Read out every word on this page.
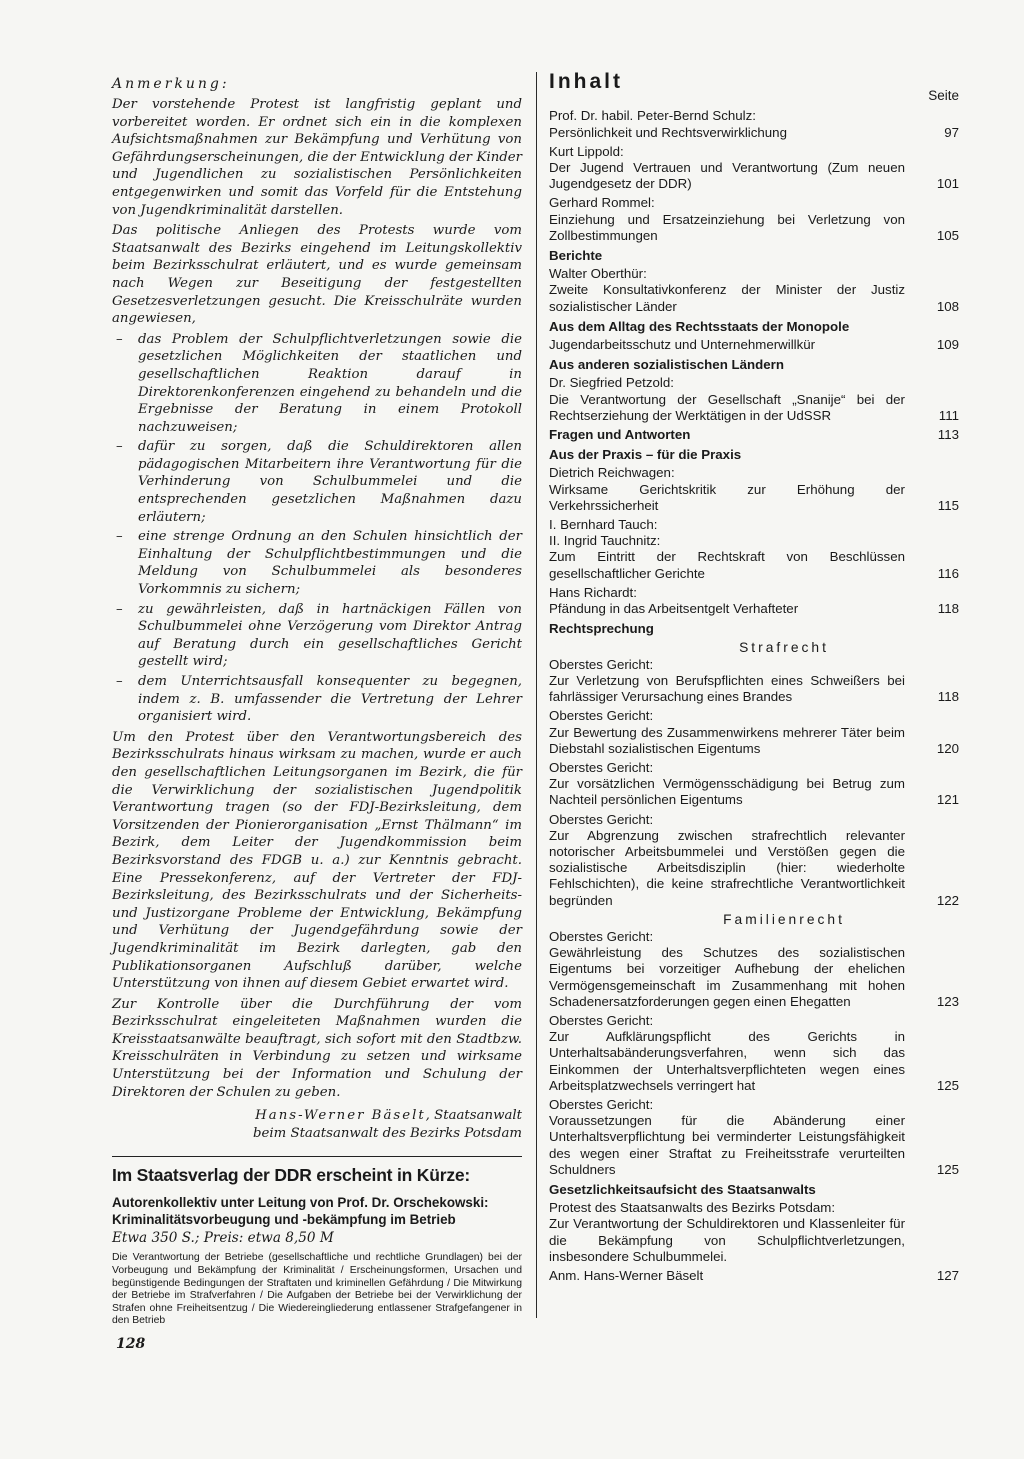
Anmerkung:

Der vorstehende Protest ist langfristig geplant und vorbereitet worden. Er ordnet sich ein in die komplexen Aufsichtsmaßnahmen zur Bekämpfung und Verhütung von Gefährdungserscheinungen, die der Entwicklung der Kinder und Jugendlichen zu sozialistischen Persönlichkeiten entgegenwirken und somit das Vorfeld für die Entstehung von Jugendkriminalität darstellen.

Das politische Anliegen des Protests wurde vom Staatsanwalt des Bezirks eingehend im Leitungskollektiv beim Bezirksschulrat erläutert, und es wurde gemeinsam nach Wegen zur Beseitigung der festgestellten Gesetzesverletzungen gesucht. Die Kreisschulräte wurden angewiesen,

– das Problem der Schulpflichtverletzungen sowie die gesetzlichen Möglichkeiten der staatlichen und gesellschaftlichen Reaktion darauf in Direktorenkonferenzen eingehend zu behandeln und die Ergebnisse der Beratung in einem Protokoll nachzuweisen;
– dafür zu sorgen, daß die Schuldirektoren allen pädagogischen Mitarbeitern ihre Verantwortung für die Verhinderung von Schulbummelei und die entsprechenden gesetzlichen Maßnahmen dazu erläutern;
– eine strenge Ordnung an den Schulen hinsichtlich der Einhaltung der Schulpflichtbestimmungen und die Meldung von Schulbummelei als besonderes Vorkommnis zu sichern;
– zu gewährleisten, daß in hartnäckigen Fällen von Schulbummelei ohne Verzögerung vom Direktor Antrag auf Beratung durch ein gesellschaftliches Gericht gestellt wird;
– dem Unterrichtsausfall konsequenter zu begegnen, indem z. B. umfassender die Vertretung der Lehrer organisiert wird.

Um den Protest über den Verantwortungsbereich des Bezirksschulrats hinaus wirksam zu machen, wurde er auch den gesellschaftlichen Leitungsorganen im Bezirk, die für die Verwirklichung der sozialistischen Jugendpolitik Verantwortung tragen (so der FDJ-Bezirksleitung, dem Vorsitzenden der Pionierorganisation „Ernst Thälmann“ im Bezirk, dem Leiter der Jugendkommission beim Bezirksvorstand des FDGB u. a.) zur Kenntnis gebracht. Eine Pressekonferenz, auf der Vertreter der FDJ-Bezirksleitung, des Bezirksschulrats und der Sicherheits- und Justizorgane Probleme der Entwicklung, Bekämpfung und Verhütung der Jugendgefährdung sowie der Jugendkriminalität im Bezirk darlegten, gab den Publikationsorganen Aufschluß darüber, welche Unterstützung von ihnen auf diesem Gebiet erwartet wird.

Zur Kontrolle über die Durchführung der vom Bezirksschulrat eingeleiteten Maßnahmen wurden die Kreisstaatsanwälte beauftragt, sich sofort mit den Stadtbzw. Kreisschulräten in Verbindung zu setzen und wirksame Unterstützung bei der Information und Schulung der Direktoren der Schulen zu geben.

Hans-Werner Bäselt, Staatsanwalt
beim Staatsanwalt des Bezirks Potsdam
Im Staatsverlag der DDR erscheint in Kürze:
Autorenkollektiv unter Leitung von Prof. Dr. Orschekowski:
Kriminalitätsvorbeugung und -bekämpfung im Betrieb
Etwa 350 S.; Preis: etwa 8,50 M
Die Verantwortung der Betriebe (gesellschaftliche und rechtliche Grundlagen) bei der Vorbeugung und Bekämpfung der Kriminalität / Erscheinungsformen, Ursachen und begünstigende Bedingungen der Straftaten und kriminellen Gefährdung / Die Mitwirkung der Betriebe im Strafverfahren / Die Aufgaben der Betriebe bei der Verwirklichung der Strafen ohne Freiheitsentzug / Die Wiedereingliederung entlassener Strafgefangener in den Betrieb
128
Inhalt
Seite
Prof. Dr. habil. Peter-Bernd Schulz:
Persönlichkeit und Rechtsverwirklichung	97
Kurt Lippold:
Der Jugend Vertrauen und Verantwortung (Zum neuen Jugendgesetz der DDR)	101
Gerhard Rommel:
Einziehung und Ersatzeinziehung bei Verletzung von Zollbestimmungen	105
Berichte
Walter Oberthür:
Zweite Konsultativkonferenz der Minister der Justiz sozialistischer Länder	108
Aus dem Alltag des Rechtsstaats der Monopole
Jugendarbeitsschutz und Unternehmerwillkür	109
Aus anderen sozialistischen Ländern
Dr. Siegfried Petzold:
Die Verantwortung der Gesellschaft „Snanije“ bei der Rechtserziehung der Werktätigen in der UdSSR	111
Fragen und Antworten	113
Aus der Praxis – für die Praxis
Dietrich Reichwagen:
Wirksame Gerichtskritik zur Erhöhung der Verkehrssicherheit	115
I. Bernhard Tauch:
II. Ingrid Tauchnitz:
Zum Eintritt der Rechtskraft von Beschlüssen gesellschaftlicher Gerichte	116
Hans Richardt:
Pfändung in das Arbeitsentgelt Verhafteter	118
Rechtsprechung
Strafrecht
Oberstes Gericht:
Zur Verletzung von Berufspflichten eines Schweißers bei fahrlässiger Verursachung eines Brandes	118
Oberstes Gericht:
Zur Bewertung des Zusammenwirkens mehrerer Täter beim Diebstahl sozialistischen Eigentums	120
Oberstes Gericht:
Zur vorsätzlichen Vermögensschädigung bei Betrug zum Nachteil persönlichen Eigentums	121
Oberstes Gericht:
Zur Abgrenzung zwischen strafrechtlich relevanter notorischer Arbeitsbummelei und Verstößen gegen die sozialistische Arbeitsdisziplin (hier: wiederholte Fehlschichten), die keine strafrechtliche Verantwortlichkeit begründen	122
Familienrecht
Oberstes Gericht:
Gewährleistung des Schutzes des sozialistischen Eigentums bei vorzeitiger Aufhebung der ehelichen Vermögensgemeinschaft im Zusammenhang mit hohen Schadenersatzforderungen gegen einen Ehegatten	123
Oberstes Gericht:
Zur Aufklärungspflicht des Gerichts in Unterhaltsabänderungsverfahren, wenn sich das Einkommen der Unterhaltsverpflichteten wegen eines Arbeitsplatzwechsels verringert hat	125
Oberstes Gericht:
Voraussetzungen für die Abänderung einer Unterhaltsverpflichtung bei verminderter Leistungsfähigkeit des wegen einer Straftat zu Freiheitsstrafe verurteilten Schuldners	125
Gesetzlichkeitsaufsicht des Staatsanwalts
Protest des Staatsanwalts des Bezirks Potsdam:
Zur Verantwortung der Schuldirektoren und Klassenleiter für die Bekämpfung von Schulpflichtverletzungen, insbesondere Schulbummelei.
Anm. Hans-Werner Bäselt	127
